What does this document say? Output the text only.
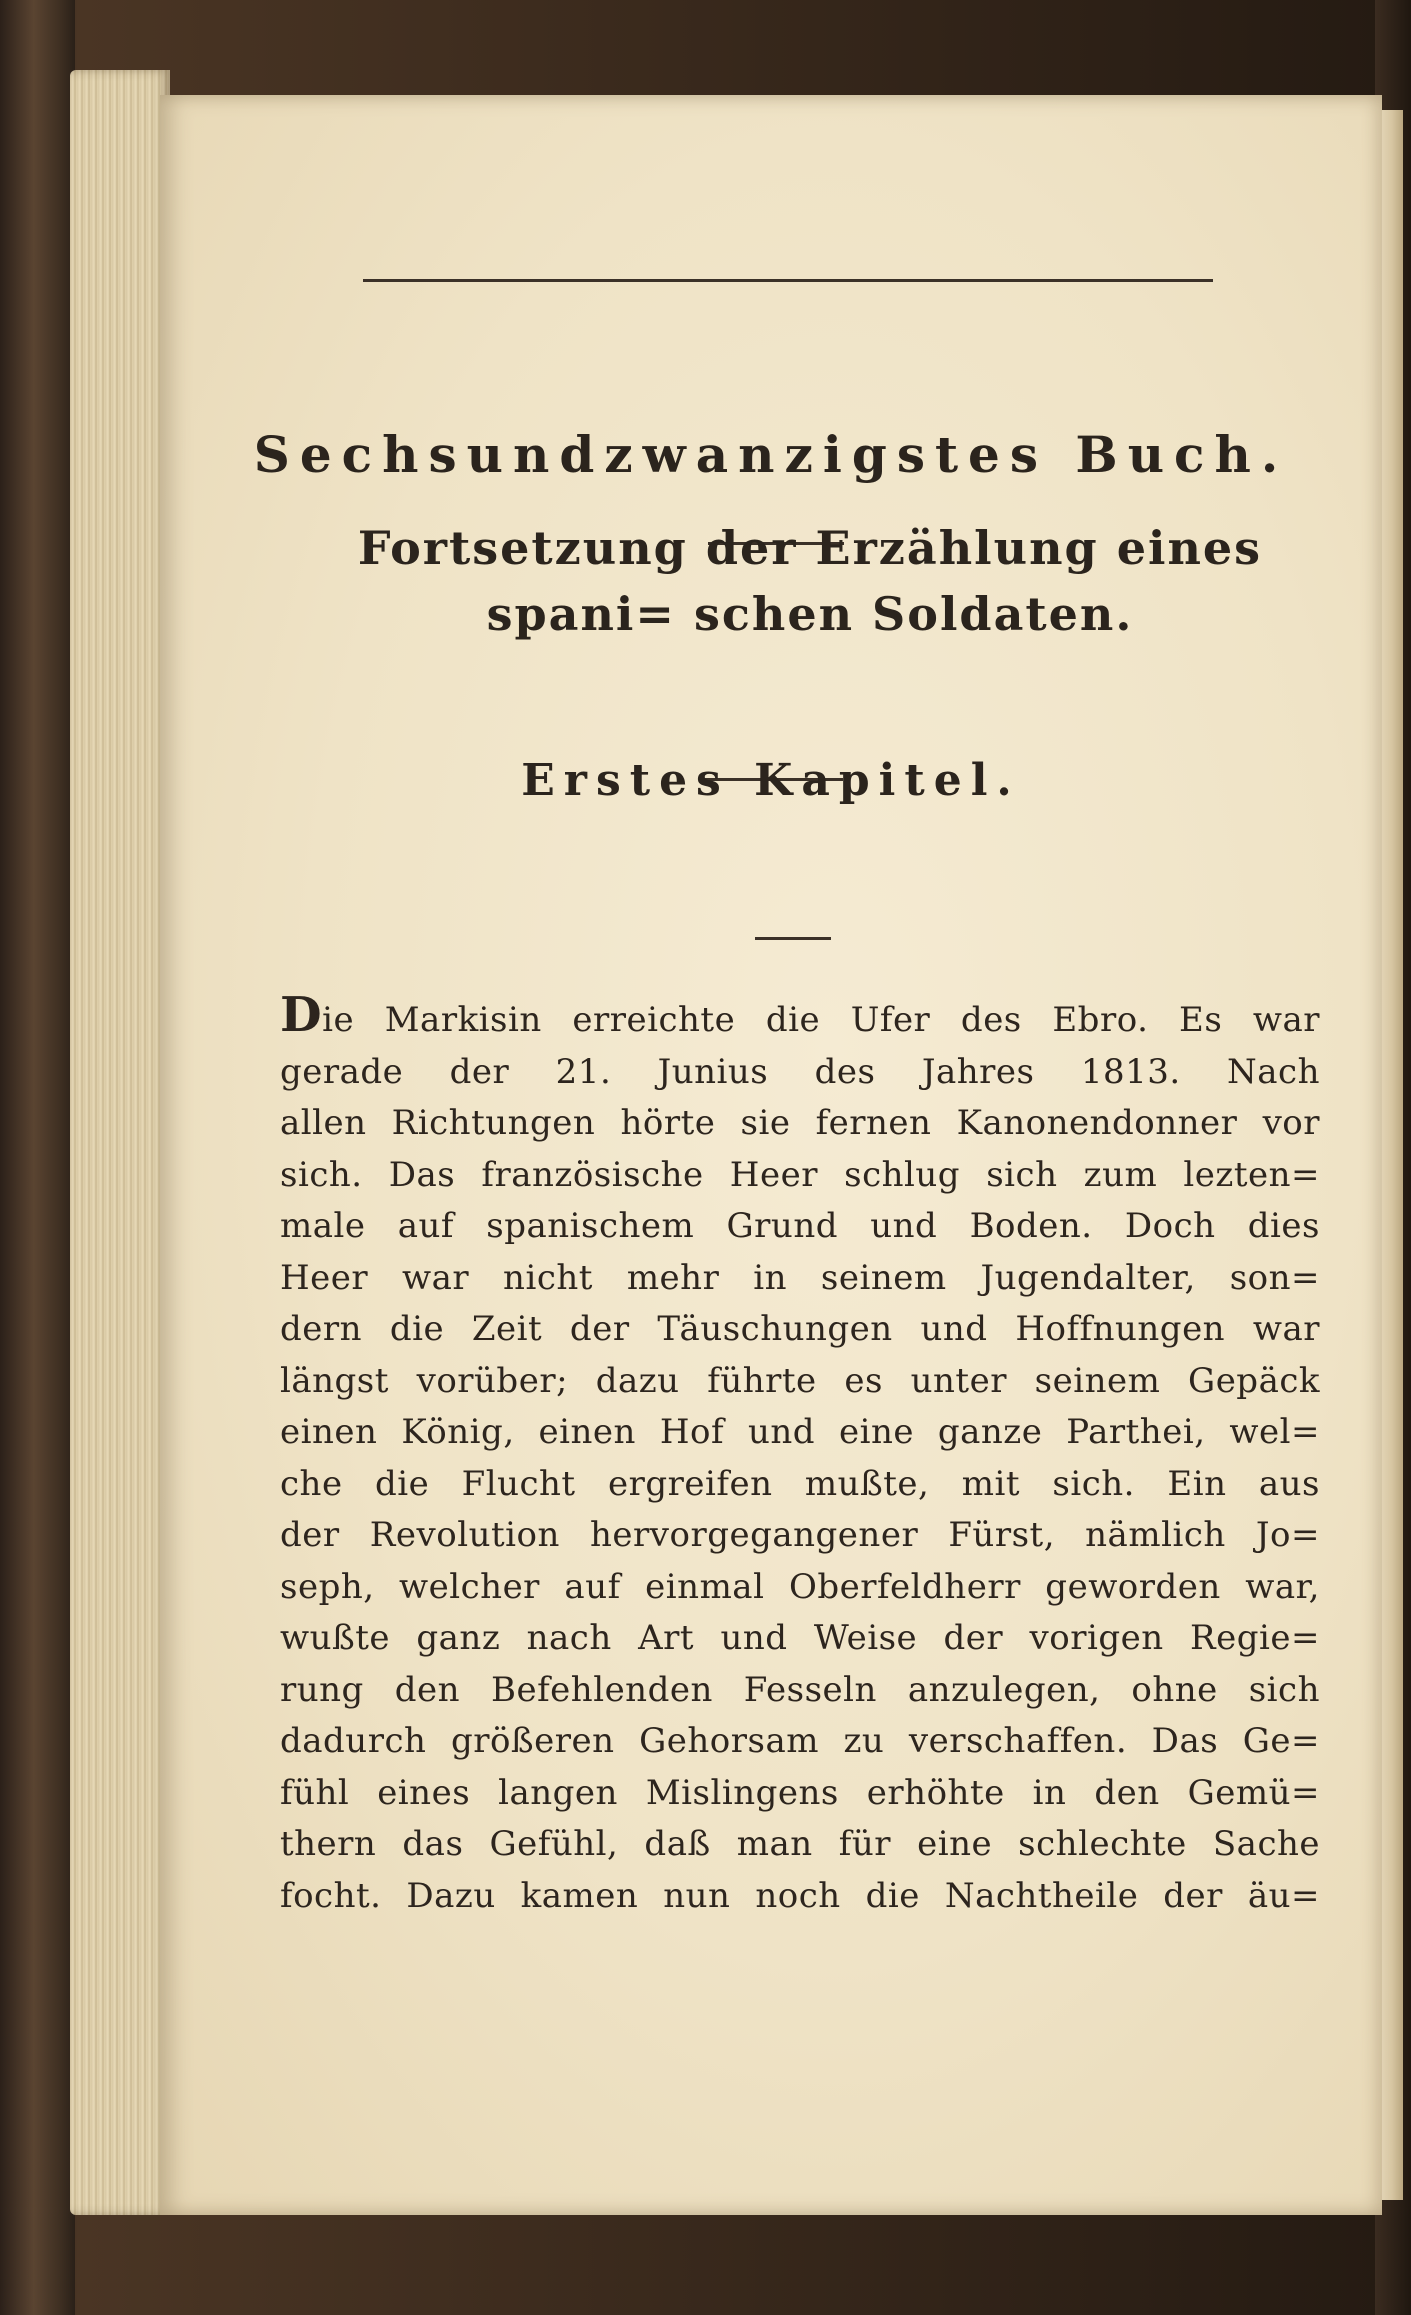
Sechsundzwanzigstes Buch.
Fortsetzung der Erzählung eines spani= schen Soldaten.
Erstes Kapitel.

Die Markisin erreichte die Ufer des Ebro. Es war
gerade der 21. Junius des Jahres 1813. Nach
allen Richtungen hörte sie fernen Kanonendonner vor
sich. Das französische Heer schlug sich zum lezten=
male auf spanischem Grund und Boden. Doch dies
Heer war nicht mehr in seinem Jugendalter, son=
dern die Zeit der Täuschungen und Hoffnungen war
längst vorüber; dazu führte es unter seinem Gepäck
einen König, einen Hof und eine ganze Parthei, wel=
che die Flucht ergreifen mußte, mit sich. Ein aus
der Revolution hervorgegangener Fürst, nämlich Jo=
seph, welcher auf einmal Oberfeldherr geworden war,
wußte ganz nach Art und Weise der vorigen Regie=
rung den Befehlenden Fesseln anzulegen, ohne sich
dadurch größeren Gehorsam zu verschaffen. Das Ge=
fühl eines langen Mislingens erhöhte in den Gemü=
thern das Gefühl, daß man für eine schlechte Sache
focht. Dazu kamen nun noch die Nachtheile der äu=
